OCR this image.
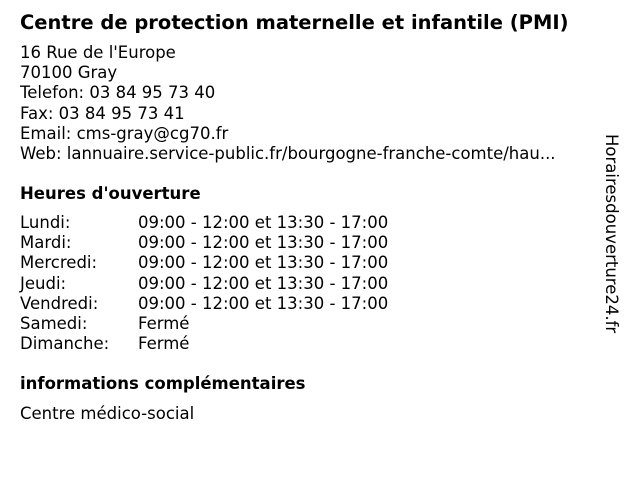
Centre de protection maternelle et infantile (PMI)
16 Rue de l'Europe
70100 Gray
Telefon: 03 84 95 73 40
Fax: 03 84 95 73 41
Email: cms-gray@cg70.fr
Web: lannuaire.service-public.fr/bourgogne-franche-comte/hau...
Heures d'ouverture
Lundi:	09:00 - 12:00 et 13:30 - 17:00
Mardi:	09:00 - 12:00 et 13:30 - 17:00
Mercredi: 09:00 - 12:00 et 13:30 - 17:00
Jeudi:	09:00 - 12:00 et 13:30 - 17:00
Vendredi: 09:00 - 12:00 et 13:30 - 17:00
Samedi:	Fermé
Dimanche: Fermé
informations complémentaires
Centre médico-social
Horairesdouverture24.fr
